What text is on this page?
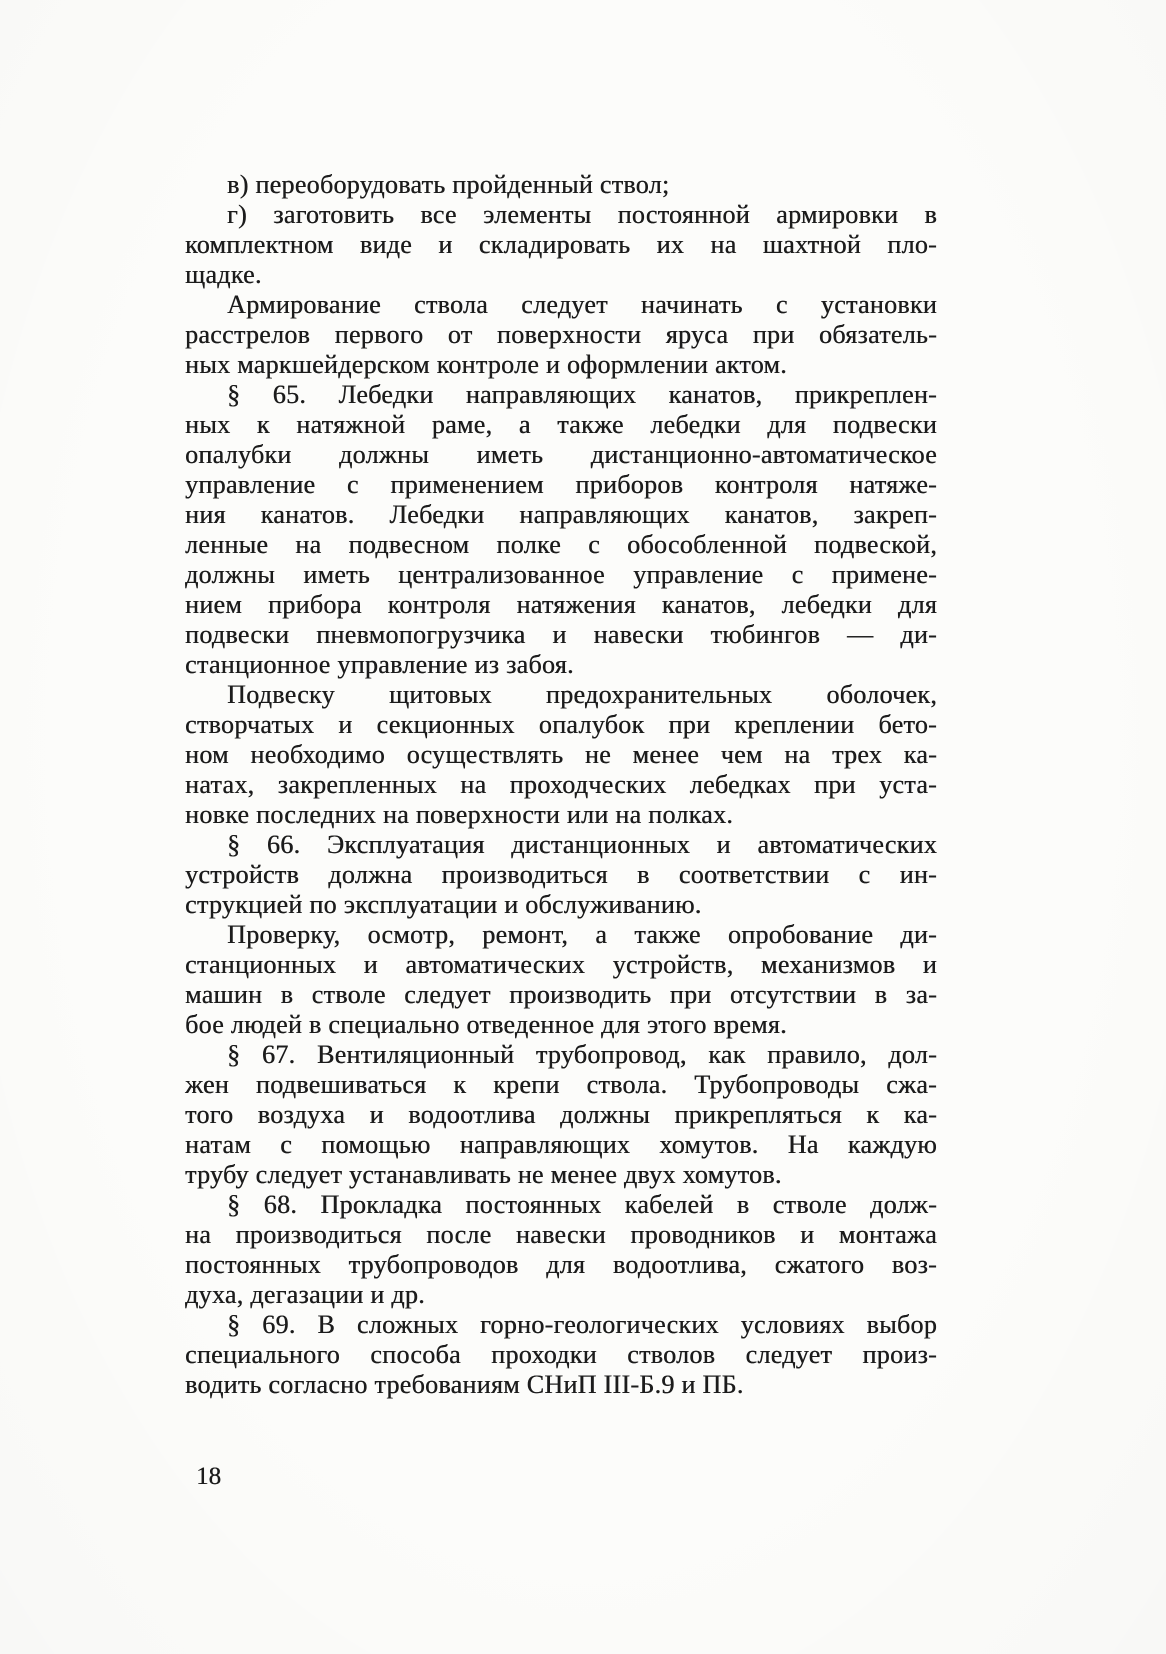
в) переоборудовать пройденный ствол;
г) заготовить все элементы постоянной армировки в
комплектном виде и складировать их на шахтной пло-
щадке.
Армирование ствола следует начинать с установки
расстрелов первого от поверхности яруса при обязатель-
ных маркшейдерском контроле и оформлении актом.
§ 65. Лебедки направляющих канатов, прикреплен-
ных к натяжной раме, а также лебедки для подвески
опалубки должны иметь дистанционно-автоматическое
управление с применением приборов контроля натяже-
ния канатов. Лебедки направляющих канатов, закреп-
ленные на подвесном полке с обособленной подвеской,
должны иметь централизованное управление с примене-
нием прибора контроля натяжения канатов, лебедки для
подвески пневмопогрузчика и навески тюбингов — ди-
станционное управление из забоя.
Подвеску щитовых предохранительных оболочек,
створчатых и секционных опалубок при креплении бето-
ном необходимо осуществлять не менее чем на трех ка-
натах, закрепленных на проходческих лебедках при уста-
новке последних на поверхности или на полках.
§ 66. Эксплуатация дистанционных и автоматических
устройств должна производиться в соответствии с ин-
струкцией по эксплуатации и обслуживанию.
Проверку, осмотр, ремонт, а также опробование ди-
станционных и автоматических устройств, механизмов и
машин в стволе следует производить при отсутствии в за-
бое людей в специально отведенное для этого время.
§ 67. Вентиляционный трубопровод, как правило, дол-
жен подвешиваться к крепи ствола. Трубопроводы сжа-
того воздуха и водоотлива должны прикрепляться к ка-
натам с помощью направляющих хомутов. На каждую
трубу следует устанавливать не менее двух хомутов.
§ 68. Прокладка постоянных кабелей в стволе долж-
на производиться после навески проводников и монтажа
постоянных трубопроводов для водоотлива, сжатого воз-
духа, дегазации и др.
§ 69. В сложных горно-геологических условиях выбор
специального способа проходки стволов следует произ-
водить согласно требованиям СНиП III-Б.9 и ПБ.
18
